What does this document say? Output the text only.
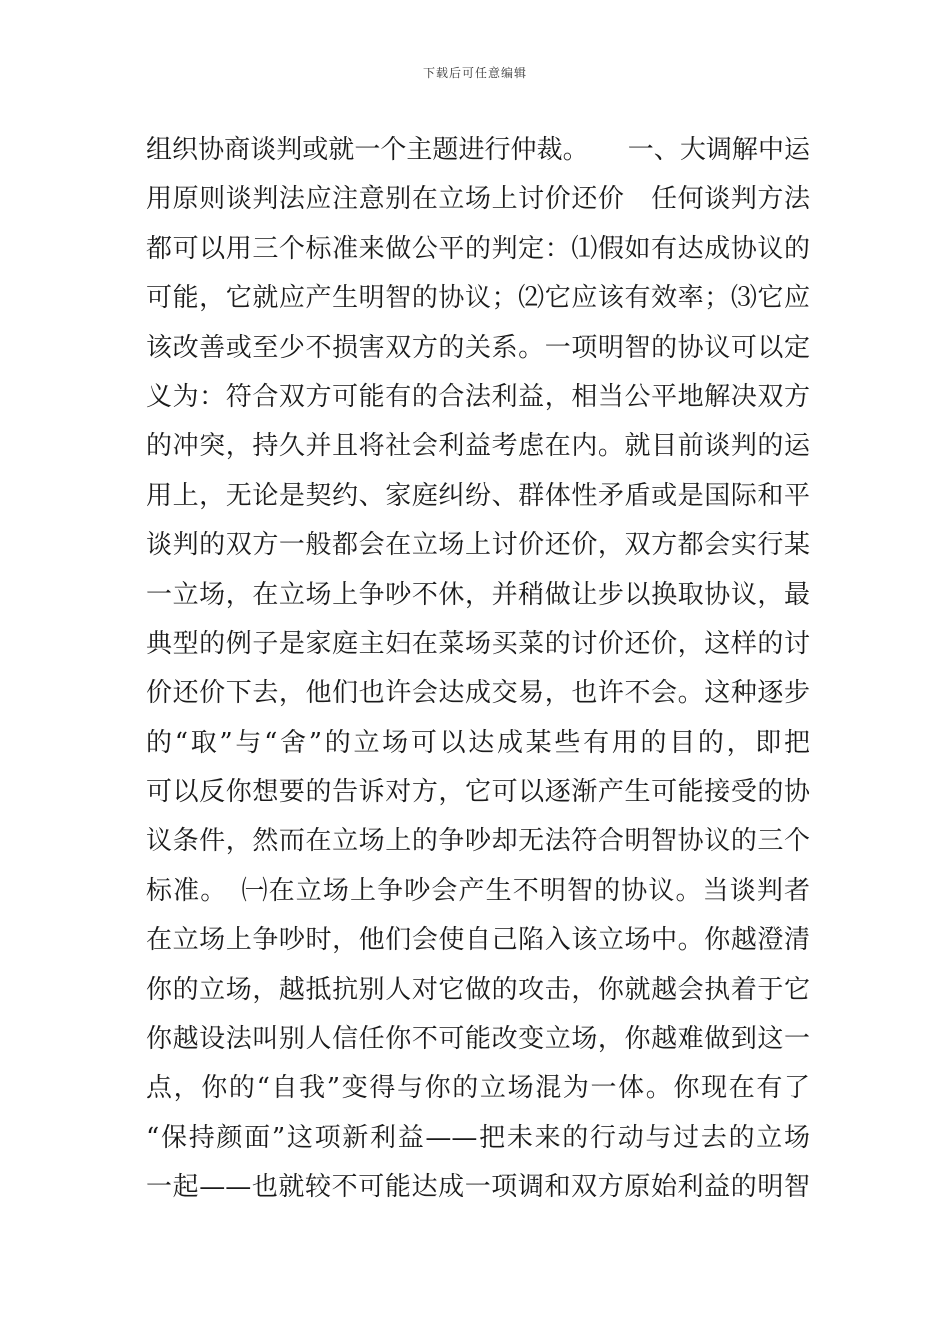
下载后可任意编辑
组织协商谈判或就一个主题进行仲裁。　　一、大调解中运
用原则谈判法应注意别在立场上讨价还价　任何谈判方法
都可以用三个标准来做公平的判定：⑴假如有达成协议的
可能，它就应产生明智的协议；⑵它应该有效率；⑶它应
该改善或至少不损害双方的关系。一项明智的协议可以定
义为：符合双方可能有的合法利益，相当公平地解决双方
的冲突，持久并且将社会利益考虑在内。就目前谈判的运
用上，无论是契约、家庭纠纷、群体性矛盾或是国际和平
谈判的双方一般都会在立场上讨价还价，双方都会实行某
一立场，在立场上争吵不休，并稍做让步以换取协议，最
典型的例子是家庭主妇在菜场买菜的讨价还价，这样的讨
价还价下去，他们也许会达成交易，也许不会。这种逐步
的“取”与“舍”的立场可以达成某些有用的目的，即把
可以反你想要的告诉对方，它可以逐渐产生可能接受的协
议条件，然而在立场上的争吵却无法符合明智协议的三个
标准。　㈠在立场上争吵会产生不明智的协议。当谈判者
在立场上争吵时，他们会使自己陷入该立场中。你越澄清
你的立场，越抵抗别人对它做的攻击，你就越会执着于它
你越设法叫别人信任你不可能改变立场，你越难做到这一
点，你的“自我”变得与你的立场混为一体。你现在有了
“保持颜面”这项新利益——把未来的行动与过去的立场
一起——也就较不可能达成一项调和双方原始利益的明智
